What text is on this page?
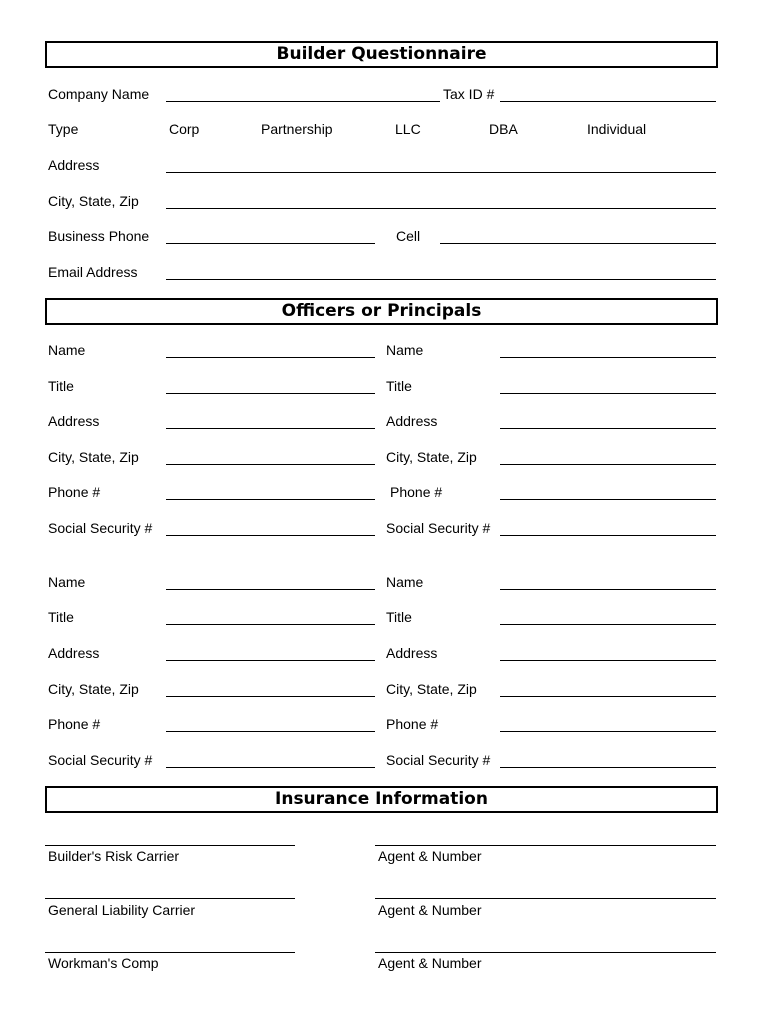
Builder Questionnaire
Company Name	Tax ID #
Type	Corp	Partnership	LLC	DBA	Individual
Address
City, State, Zip
Business Phone	Cell
Email Address
Officers or Principals
Name	Name
Title	Title
Address	Address
City, State, Zip	City, State, Zip
Phone #	Phone #
Social Security #	Social Security #
Name	Name
Title	Title
Address	Address
City, State, Zip	City, State, Zip
Phone #	Phone #
Social Security #	Social Security #
Insurance Information
Builder's Risk Carrier	Agent & Number
General Liability Carrier	Agent & Number
Workman's Comp	Agent & Number
